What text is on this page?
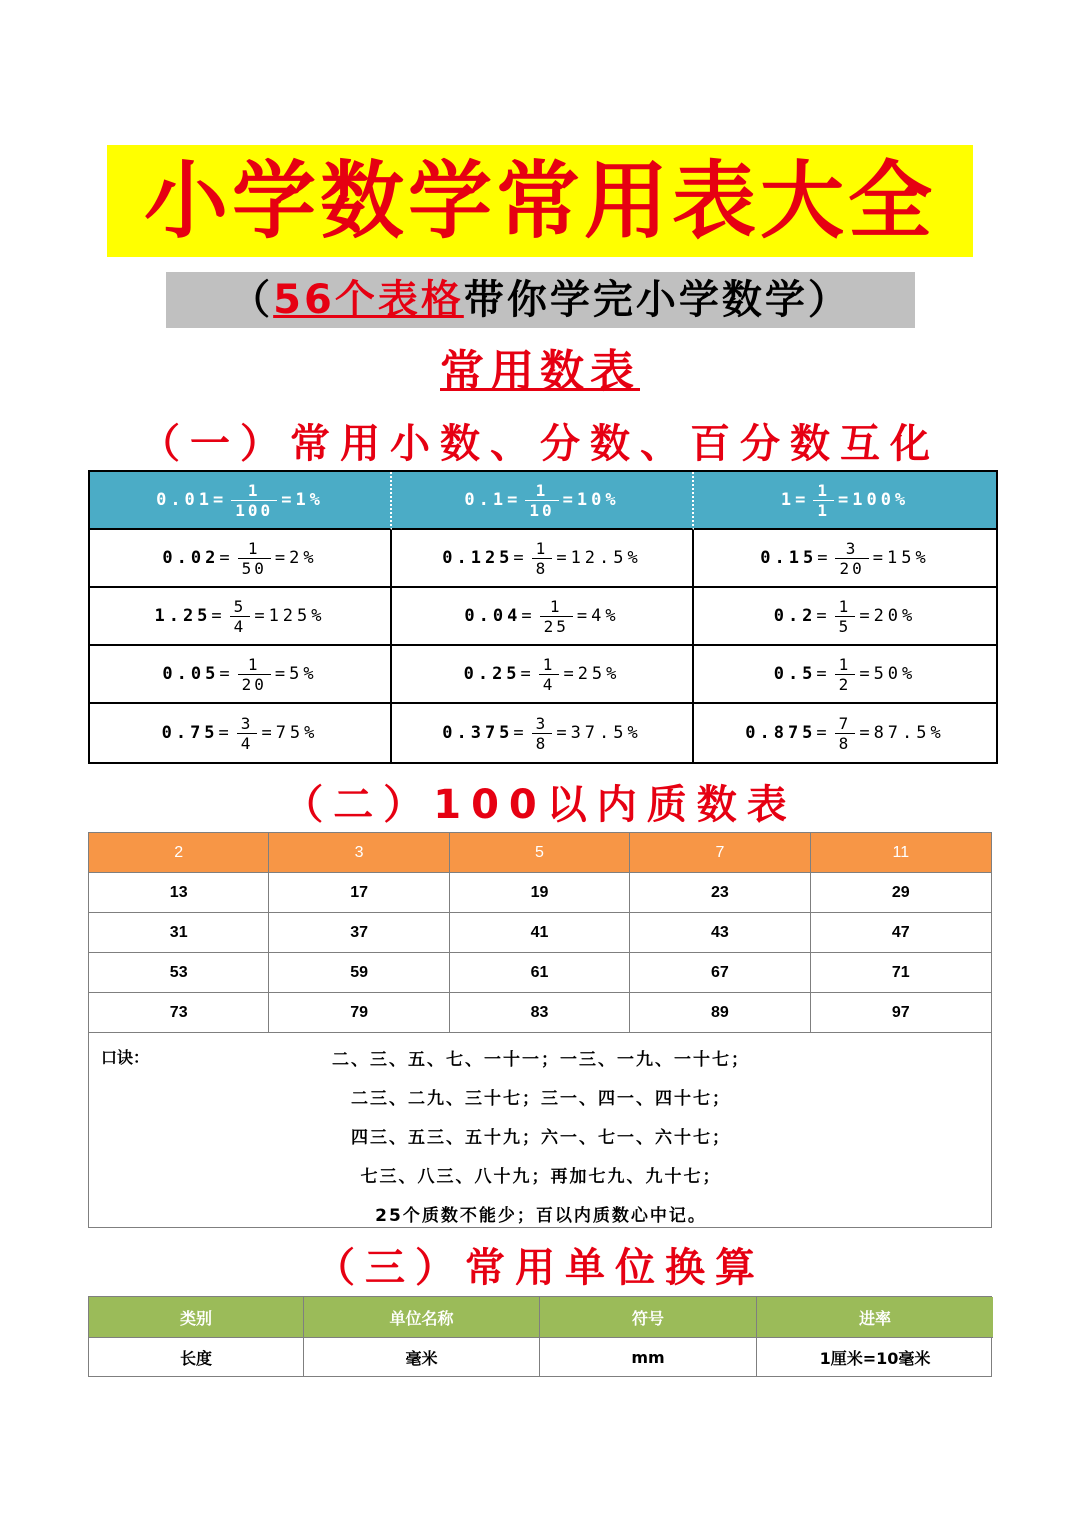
小学数学常用表大全
（56个表格带你学完小学数学）
常用数表
（一）常用小数、分数、百分数互化
$0.01 = \frac{1}{100} = 1\%$	$0.1 = \frac{1}{10} = 10\%$	$1 = \frac{1}{1} = 100\%$
$0.02 = \frac{1}{50} = 2\%$	$0.125 = \frac{1}{8} = 12.5\%$	$0.15 = \frac{3}{20} = 15\%$
$1.25 = \frac{5}{4} = 125\%$	$0.04 = \frac{1}{25} = 4\%$	$0.2 = \frac{1}{5} = 20\%$
$0.05 = \frac{1}{20} = 5\%$	$0.25 = \frac{1}{4} = 25\%$	$0.5 = \frac{1}{2} = 50\%$
$0.75 = \frac{3}{4} = 75\%$	$0.375 = \frac{3}{8} = 37.5\%$	$0.875 = \frac{7}{8} = 87.5\%$
（二）100以内质数表
2	3	5	7	11
13	17	19	23	29
31	37	41	43	47
53	59	61	67	71
73	79	83	89	97
口诀：	二、三、五、七、一十一；一三、一九、一十七；
二三、二九、三十七；三一、四一、四十七；
四三、五三、五十九；六一、七一、六十七；
七三、八三、八十九；再加七九、九十七；
25个质数不能少；百以内质数心中记。
（三）常用单位换算
类别	单位名称	符号	进率
长度	毫米	mm	1厘米=10毫米
